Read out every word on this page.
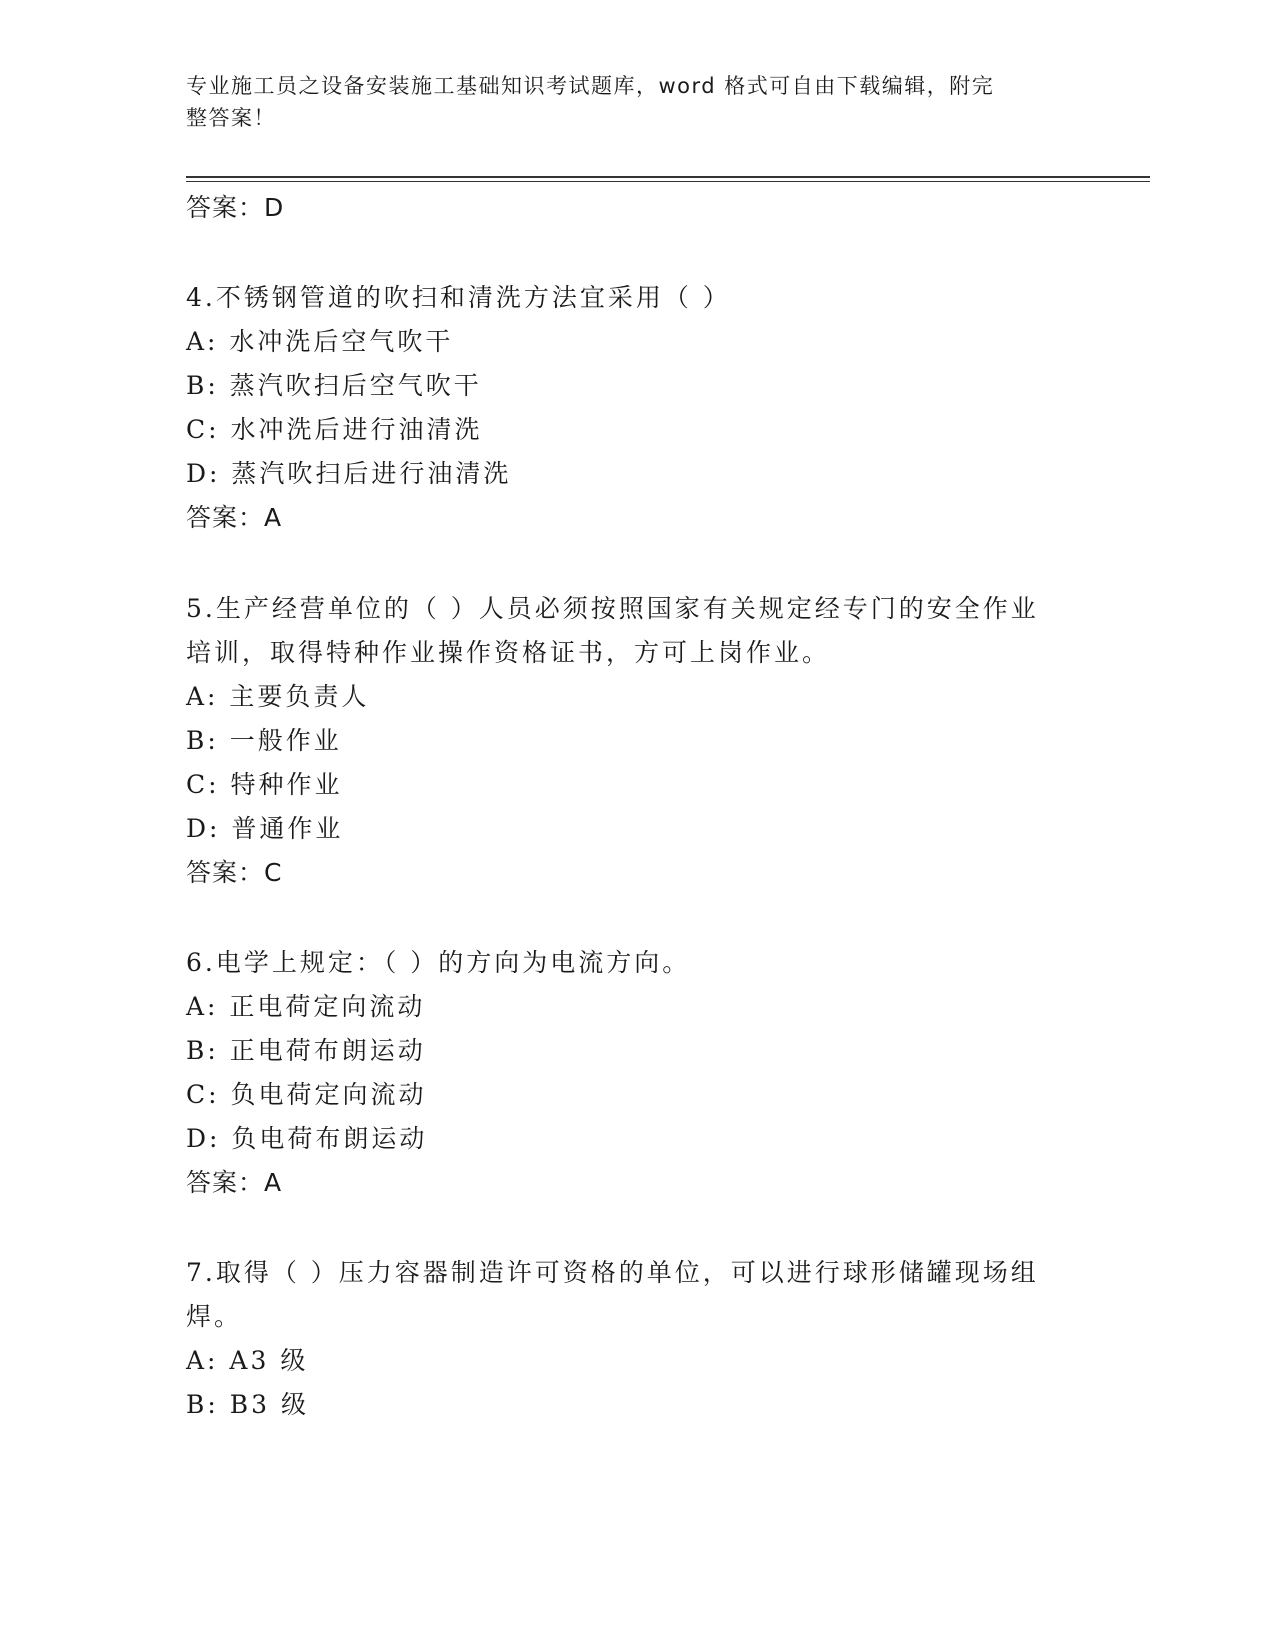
专业施工员之设备安装施工基础知识考试题库，word 格式可自由下载编辑，附完
整答案！
答案：D
4.不锈钢管道的吹扫和清洗方法宜采用（ ）
A: 水冲洗后空气吹干
B: 蒸汽吹扫后空气吹干
C: 水冲洗后进行油清洗
D: 蒸汽吹扫后进行油清洗
答案：A
5.生产经营单位的（ ）人员必须按照国家有关规定经专门的安全作业
培训，取得特种作业操作资格证书，方可上岗作业。
A: 主要负责人
B: 一般作业
C: 特种作业
D: 普通作业
答案：C
6.电学上规定：（ ）的方向为电流方向。
A: 正电荷定向流动
B: 正电荷布朗运动
C: 负电荷定向流动
D: 负电荷布朗运动
答案：A
7.取得（ ）压力容器制造许可资格的单位，可以进行球形储罐现场组
焊。
A: A3 级
B: B3 级
